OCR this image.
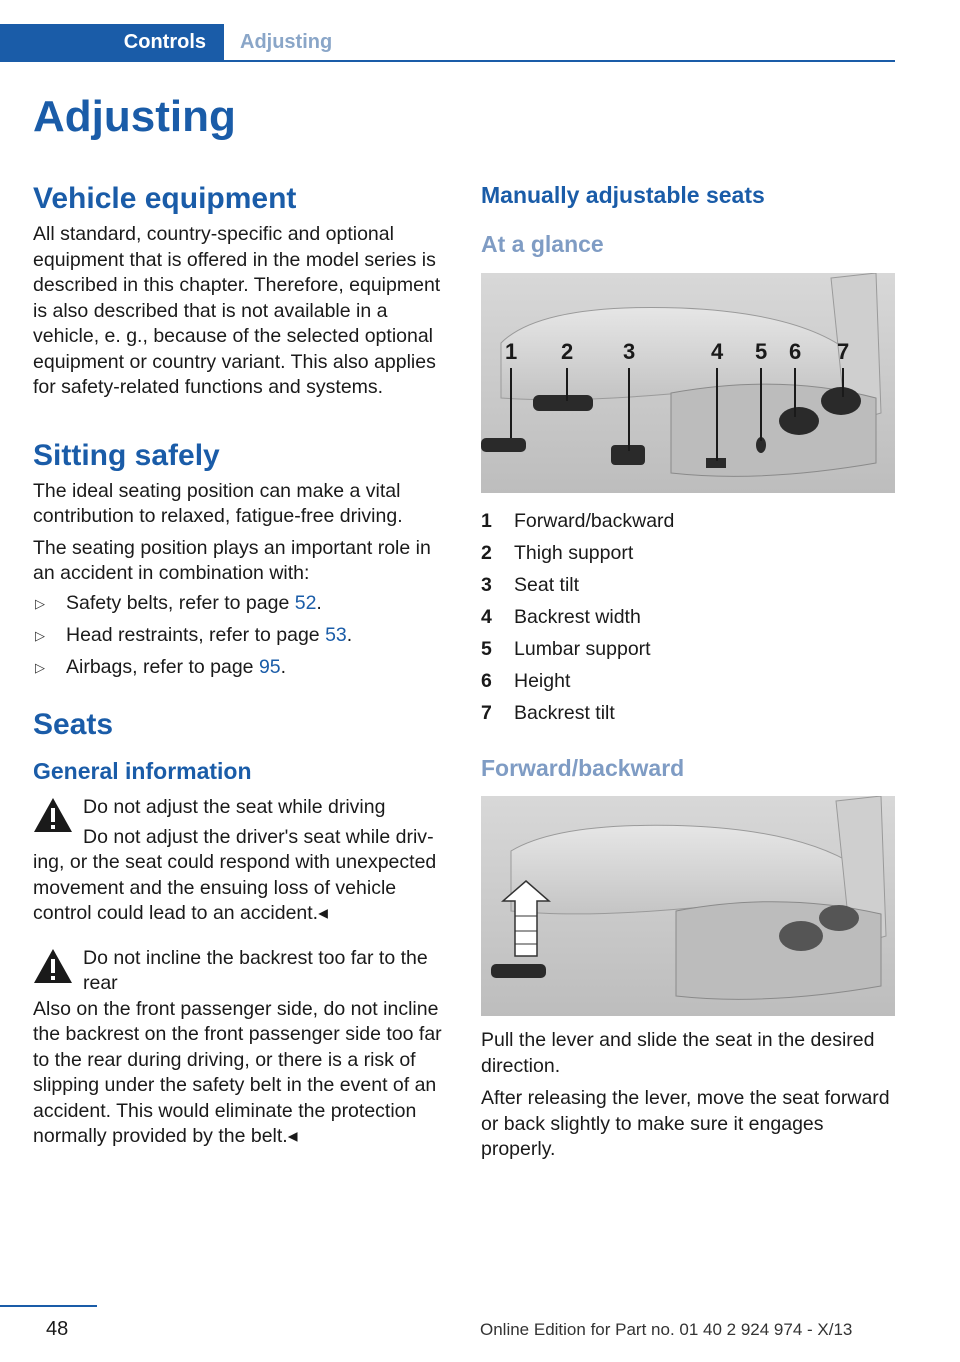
Controls	Adjusting
Adjusting
Vehicle equipment

All standard, country-specific and optional equipment that is offered in the model series is described in this chapter. Therefore, equipment is also described that is not available in a vehicle, e. g., because of the selected optional equipment or country variant. This also applies for safety-related functions and systems.

Sitting safely

The ideal seating position can make a vital contribution to relaxed, fatigue-free driving.

The seating position plays an important role in an accident in combination with:

▷ Safety belts, refer to page 52.
▷ Head restraints, refer to page 53.
▷ Airbags, refer to page 95.
Seats
General information

Do not adjust the seat while driving

Do not adjust the driver's seat while driving, or the seat could respond with unexpected movement and the ensuing loss of vehicle control could lead to an accident.◂

Do not incline the backrest too far to the rear

Also on the front passenger side, do not incline the backrest on the front passenger side too far to the rear during driving, or there is a risk of slipping under the safety belt in the event of an accident. This would eliminate the protection normally provided by the belt.◂

Manually adjustable seats
At a glance
1 2 3	4 5 6 7
1	Forward/backward
2	Thigh support
3	Seat tilt
4	Backrest width
5	Lumbar support
6	Height
7	Backrest tilt
Forward/backward

Pull the lever and slide the seat in the desired direction.

After releasing the lever, move the seat forward or back slightly to make sure it engages properly.

48	Online Edition for Part no. 01 40 2 924 974 - X/13
